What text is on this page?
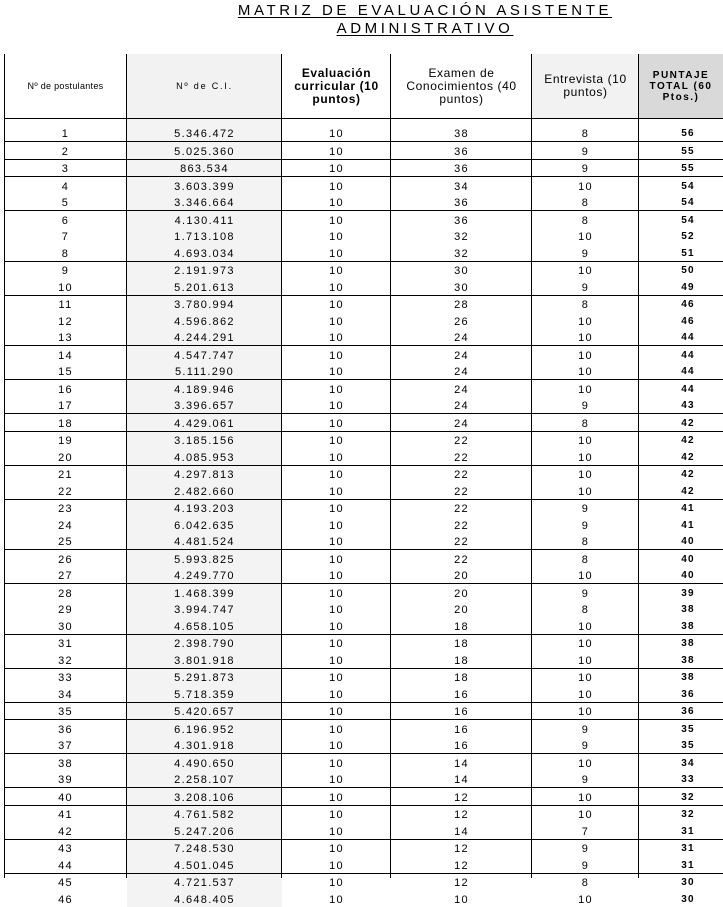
MATRIZ DE EVALUACIÓN ASISTENTE
ADMINISTRATIVO
Nº de postulantes	Nº de C.I.	Evaluación curricular (10 puntos)	Examen de Conocimientos (40 puntos)	Entrevista (10 puntos)	PUNTAJE TOTAL (60 Ptos.)
1	5.346.472	10	38	8	56
2	5.025.360	10	36	9	55
3	863.534	10	36	9	55
4	3.603.399	10	34	10	54
5	3.346.664	10	36	8	54
6	4.130.411	10	36	8	54
7	1.713.108	10	32	10	52
8	4.693.034	10	32	9	51
9	2.191.973	10	30	10	50
10	5.201.613	10	30	9	49
11	3.780.994	10	28	8	46
12	4.596.862	10	26	10	46
13	4.244.291	10	24	10	44
14	4.547.747	10	24	10	44
15	5.111.290	10	24	10	44
16	4.189.946	10	24	10	44
17	3.396.657	10	24	9	43
18	4.429.061	10	24	8	42
19	3.185.156	10	22	10	42
20	4.085.953	10	22	10	42
21	4.297.813	10	22	10	42
22	2.482.660	10	22	10	42
23	4.193.203	10	22	9	41
24	6.042.635	10	22	9	41
25	4.481.524	10	22	8	40
26	5.993.825	10	22	8	40
27	4.249.770	10	20	10	40
28	1.468.399	10	20	9	39
29	3.994.747	10	20	8	38
30	4.658.105	10	18	10	38
31	2.398.790	10	18	10	38
32	3.801.918	10	18	10	38
33	5.291.873	10	18	10	38
34	5.718.359	10	16	10	36
35	5.420.657	10	16	10	36
36	6.196.952	10	16	9	35
37	4.301.918	10	16	9	35
38	4.490.650	10	14	10	34
39	2.258.107	10	14	9	33
40	3.208.106	10	12	10	32
41	4.761.582	10	12	10	32
42	5.247.206	10	14	7	31
43	7.248.530	10	12	9	31
44	4.501.045	10	12	9	31
45	4.721.537	10	12	8	30
46	4.648.405	10	10	10	30
